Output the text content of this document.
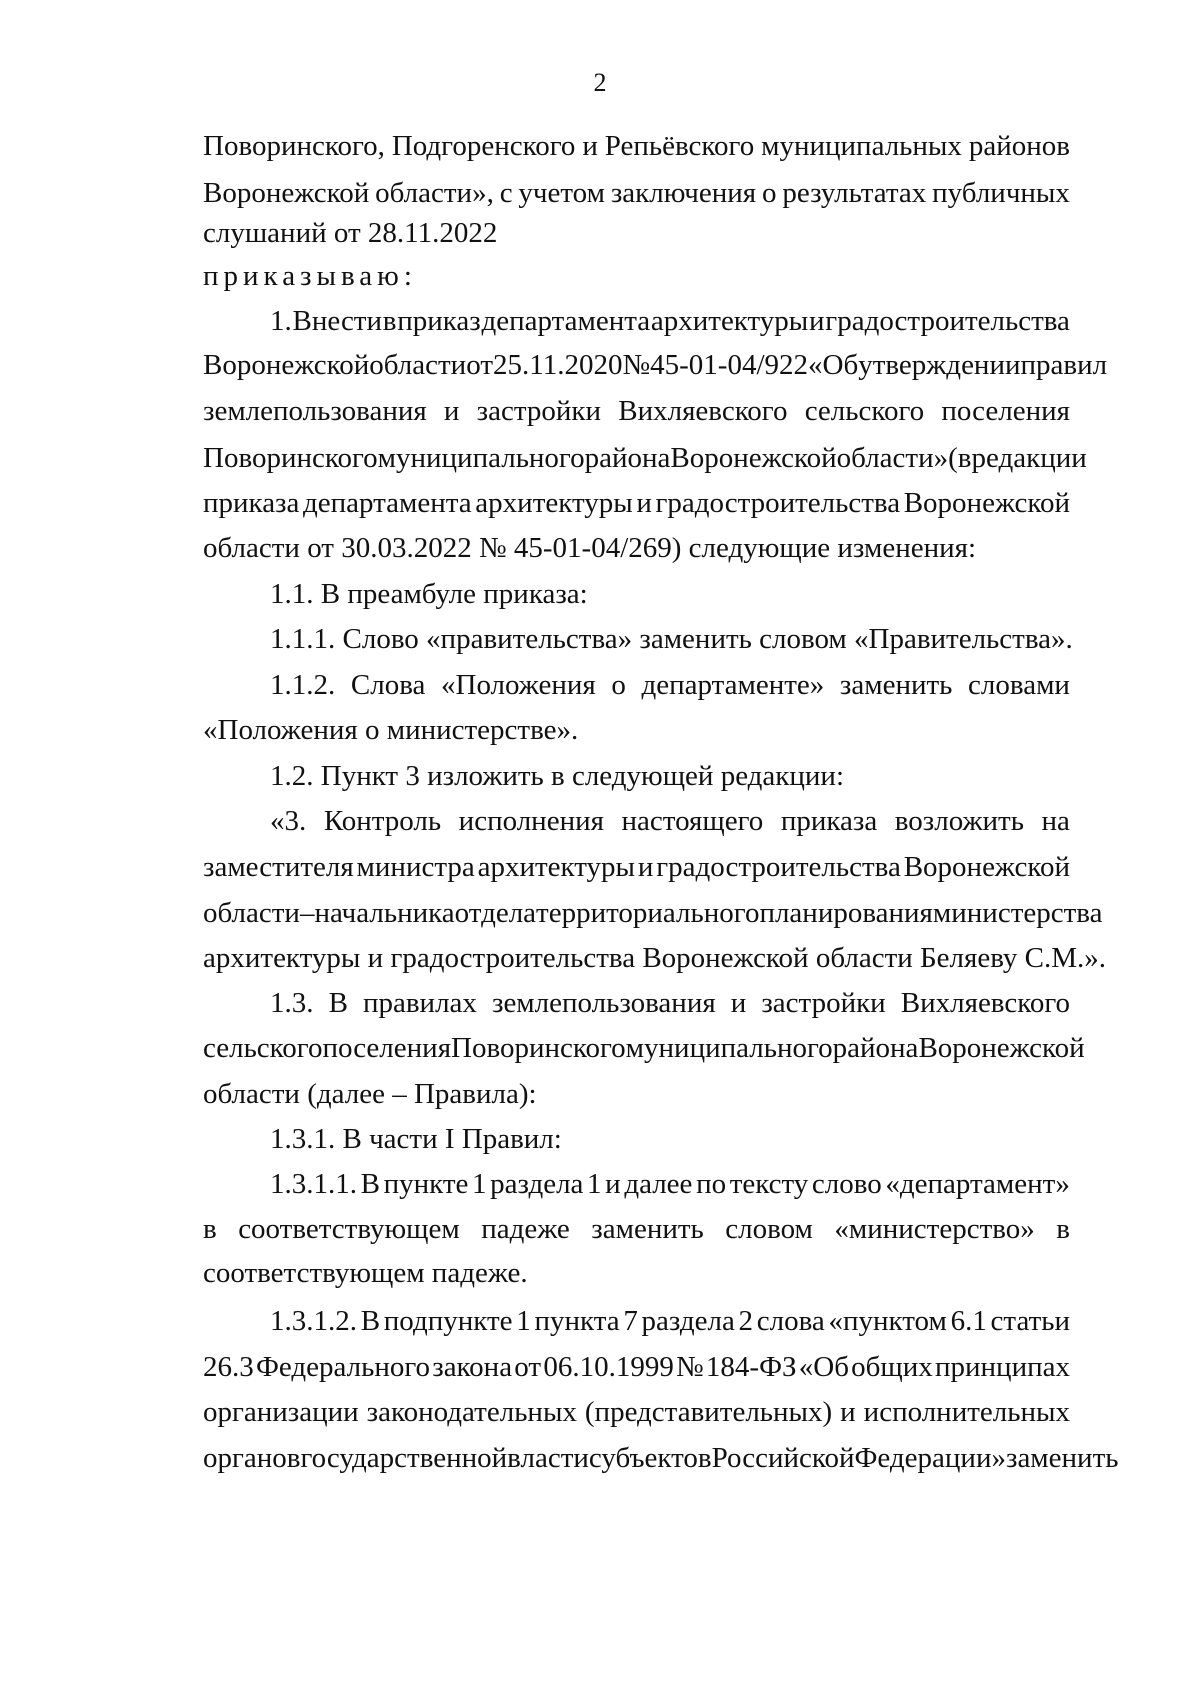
2
Поворинского, Подгоренского и Репьёвского муниципальных районов
Воронежской области», с учетом заключения о результатах публичных
слушаний от 28.11.2022
приказываю:
1. Внести в приказ департамента архитектуры и градостроительства
Воронежской области от 25.11.2020 № 45-01-04/922 «Об утверждении правил
землепользования и застройки Вихляевского сельского поселения
Поворинского муниципального района Воронежской области» (в редакции
приказа департамента архитектуры и градостроительства Воронежской
области от 30.03.2022 № 45-01-04/269) следующие изменения:
1.1. В преамбуле приказа:
1.1.1. Слово «правительства» заменить словом «Правительства».
1.1.2. Слова «Положения о департаменте» заменить словами
«Положения о министерстве».
1.2. Пункт 3 изложить в следующей редакции:
«3. Контроль исполнения настоящего приказа возложить на
заместителя министра архитектуры и градостроительства Воронежской
области – начальника отдела территориального планирования министерства
архитектуры и градостроительства Воронежской области Беляеву С.М.».
1.3. В правилах землепользования и застройки Вихляевского
сельского поселения Поворинского муниципального района Воронежской
области (далее – Правила):
1.3.1. В части I Правил:
1.3.1.1. В пункте 1 раздела 1 и далее по тексту слово «департамент»
в соответствующем падеже заменить словом «министерство» в
соответствующем падеже.
1.3.1.2. В подпункте 1 пункта 7 раздела 2 слова «пунктом 6.1 статьи
26.3 Федерального закона от 06.10.1999 № 184-ФЗ «Об общих принципах
организации законодательных (представительных) и исполнительных
органов государственной власти субъектов Российской Федерации» заменить
